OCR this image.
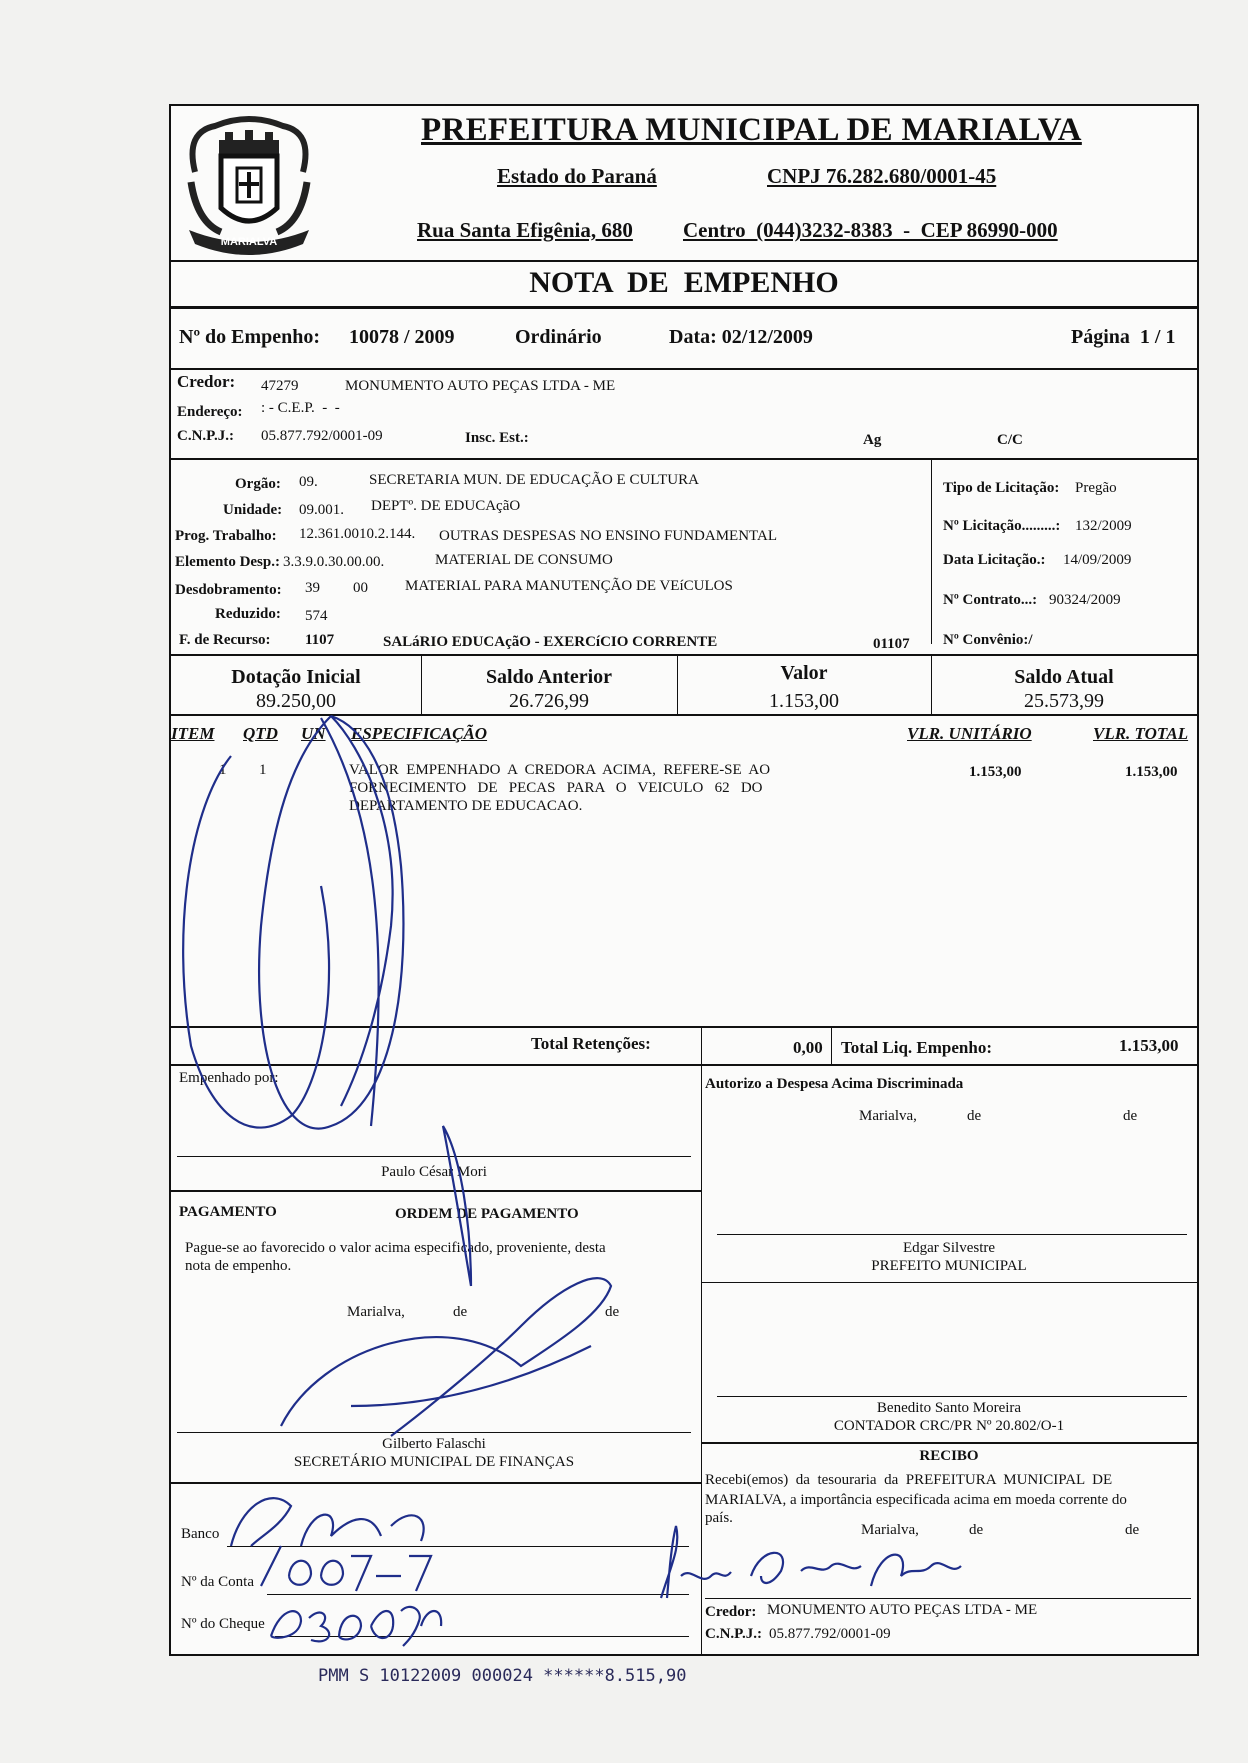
MARIALVA
PREFEITURA MUNICIPAL DE MARIALVA
Estado do Paraná	CNPJ 76.282.680/0001-45
Rua Santa Efigênia, 680 Centro  (044)3232-8383  -  CEP 86990-000
NOTA  DE  EMPENHO
Nº do Empenho: 10078 / 2009	Ordinário	Data: 02/12/2009	Página  1 / 1
Credor: 47279	MONUMENTO AUTO PEÇAS LTDA - ME
Endereço: : - C.E.P.  -  -
C.N.P.J.: 05.877.792/0001-09	Insc. Est.:	Ag	C/C
Orgão: 09.	SECRETARIA MUN. DE EDUCAÇÃO E CULTURA
Unidade: 09.001. DEPTº. DE EDUCAçãO
Prog. Trabalho: 12.361.0010.2.144. OUTRAS DESPESAS NO ENSINO FUNDAMENTAL
Elemento Desp.: 3.3.9.0.30.00.00.	MATERIAL DE CONSUMO
Desdobramento: 39 00 MATERIAL PARA MANUTENÇÃO DE VEíCULOS
Reduzido: 574
F. de Recurso: 1107	SALáRIO EDUCAçãO - EXERCíCIO CORRENTE	01107
Tipo de Licitação: Pregão
Nº Licitação.........: 132/2009
Data Licitação.: 14/09/2009
Nº Contrato...: 90324/2009
Nº Convênio:/
Dotação Inicial
89.250,00
Saldo Anterior
26.726,99
Valor
1.153,00
Saldo Atual
25.573,99
ITEM QTD UN ESPECIFICAÇÃO	VLR. UNITÁRIO	VLR. TOTAL
1 1	VALOR  EMPENHADO  A  CREDORA  ACIMA,  REFERE-SE  AO
FORNECIMENTO   DE   PECAS   PARA   O   VEICULO   62   DO
DEPARTAMENTO DE EDUCACAO.
1.153,00	1.153,00
Total Retenções:	0,00 Total Liq. Empenho:	1.153,00
Empenhado por:
Paulo César Mori
PAGAMENTO	ORDEM DE PAGAMENTO
Pague-se ao favorecido o valor acima especificado, proveniente, desta
nota de empenho.
Marialva,	de	de
Gilberto Falaschi
SECRETÁRIO MUNICIPAL DE FINANÇAS
Banco
Nº da Conta
Nº do Cheque
Autorizo a Despesa Acima Discriminada
Marialva,	de	de
Edgar Silvestre
PREFEITO MUNICIPAL
Benedito Santo Moreira
CONTADOR CRC/PR Nº 20.802/O-1
RECIBO
Recebi(emos)  da  tesouraria  da  PREFEITURA  MUNICIPAL  DE
MARIALVA, a importância especificada acima em moeda corrente do
país.
Marialva,	de	de
Credor: MONUMENTO AUTO PEÇAS LTDA - ME
C.N.P.J.: 05.877.792/0001-09
PMM S 10122009 000024 ******8.515,90
